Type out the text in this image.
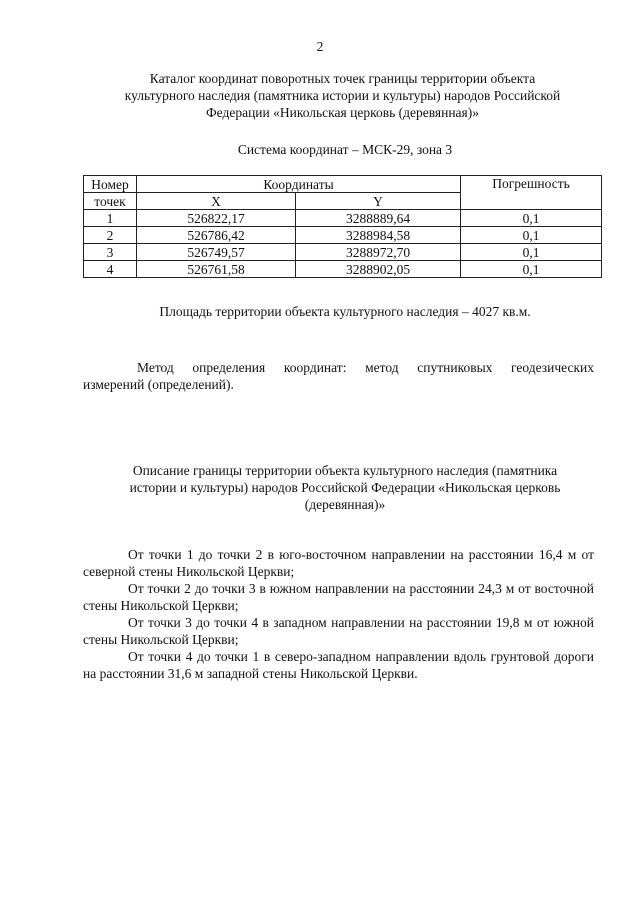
2
Каталог координат поворотных точек границы территории объекта
культурного наследия (памятника истории и культуры) народов Российской
Федерации «Никольская церковь (деревянная)»
Система координат – МСК-29, зона 3
Номер	Координаты		Погрешность
точек	X	Y	
1	526822,17	3288889,64	0,1
2	526786,42	3288984,58	0,1
3	526749,57	3288972,70	0,1
4	526761,58	3288902,05	0,1
Площадь территории объекта культурного наследия – 4027 кв.м.
Метод определения координат: метод спутниковых геодезических
измерений (определений).
Описание границы территории объекта культурного наследия (памятника
истории и культуры) народов Российской Федерации «Никольская церковь
(деревянная)»
От точки 1 до точки 2 в юго-восточном направлении на расстоянии 16,4 м от северной стены Никольской Церкви;
От точки 2 до точки 3 в южном направлении на расстоянии 24,3 м от восточной стены Никольской Церкви;
От точки 3 до точки 4 в западном направлении на расстоянии 19,8 м от южной стены Никольской Церкви;
От точки 4 до точки 1 в северо-западном направлении вдоль грунтовой дороги на расстоянии 31,6 м западной стены Никольской Церкви.
